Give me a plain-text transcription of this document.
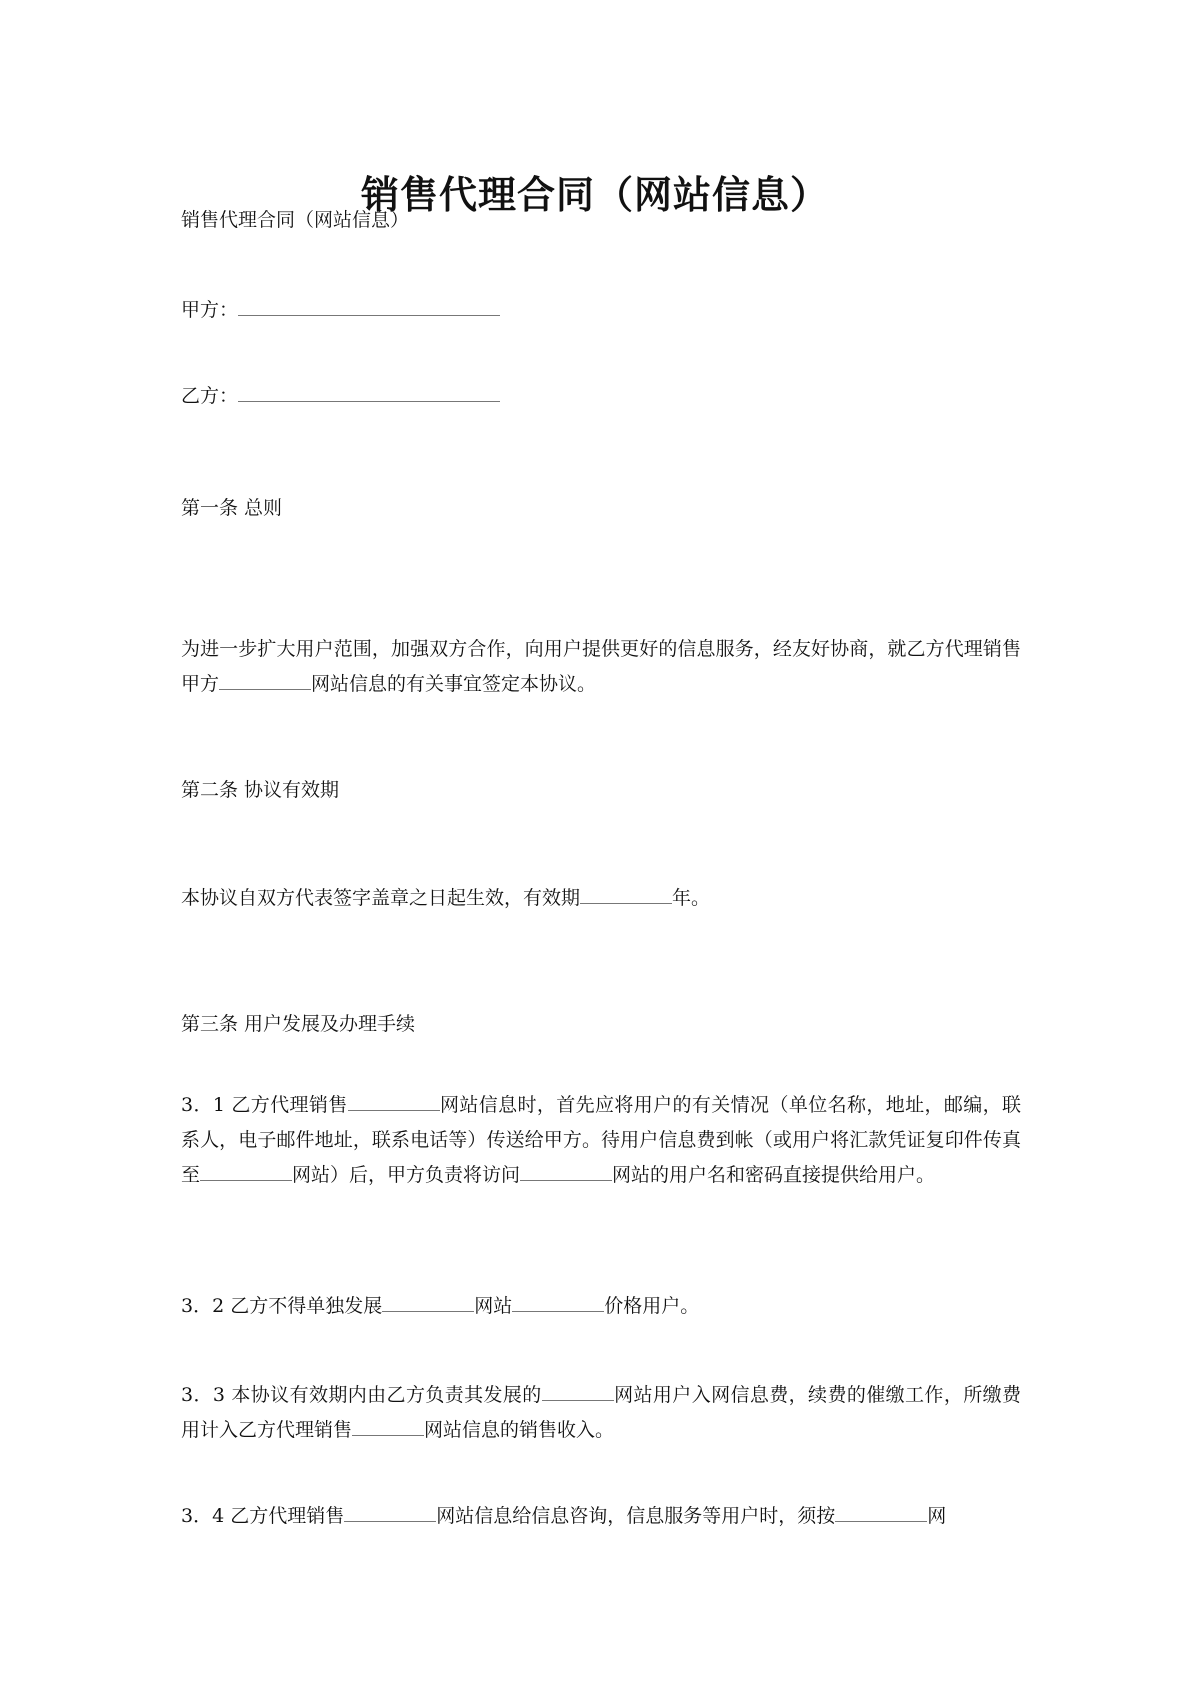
销售代理合同（网站信息）
销售代理合同（网站信息）
甲方：
乙方：
第一条 总则
为进一步扩大用户范围，加强双方合作，向用户提供更好的信息服务，经友好协商，就乙方代理销售甲方	网站信息的有关事宜签定本协议。
第二条 协议有效期
本协议自双方代表签字盖章之日起生效，有效期	年。
第三条 用户发展及办理手续
3．1 乙方代理销售	网站信息时，首先应将用户的有关情况（单位名称，地址，邮编，联系人，电子邮件地址，联系电话等）传送给甲方。待用户信息费到帐（或用户将汇款凭证复印件传真至	网站）后，甲方负责将访问	网站的用户名和密码直接提供给用户。
3．2 乙方不得单独发展	网站	价格用户。
3．3 本协议有效期内由乙方负责其发展的	网站用户入网信息费，续费的催缴工作，所缴费用计入乙方代理销售	网站信息的销售收入。
3．4 乙方代理销售	网站信息给信息咨询，信息服务等用户时，须按	网
